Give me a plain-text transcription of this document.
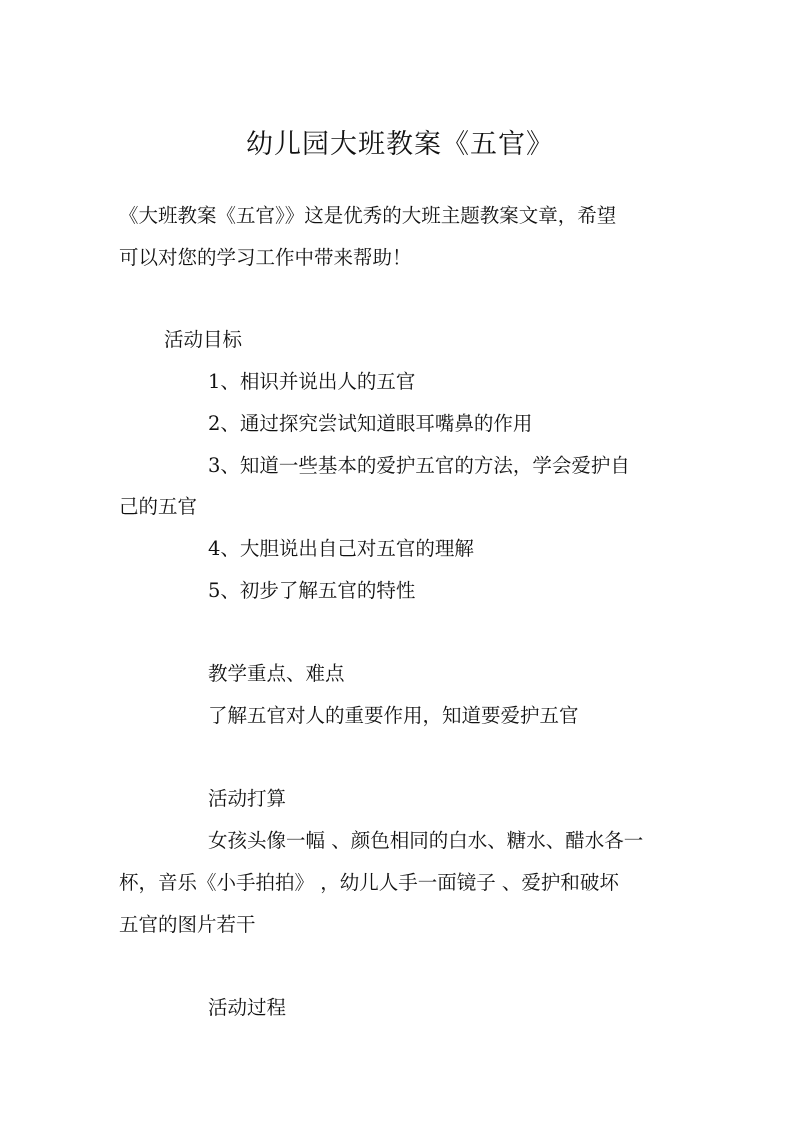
幼儿园大班教案《五官》
《大班教案《五官》》这是优秀的大班主题教案文章，希望
可以对您的学习工作中带来帮助！
活动目标
1、相识并说出人的五官
2、通过探究尝试知道眼耳嘴鼻的作用
3、知道一些基本的爱护五官的方法，学会爱护自
己的五官
4、大胆说出自己对五官的理解
5、初步了解五官的特性
教学重点、难点
了解五官对人的重要作用，知道要爱护五官
活动打算
女孩头像一幅 、颜色相同的白水、糖水、醋水各一
杯，音乐《小手拍拍》 ，幼儿人手一面镜子 、爱护和破坏
五官的图片若干
活动过程
